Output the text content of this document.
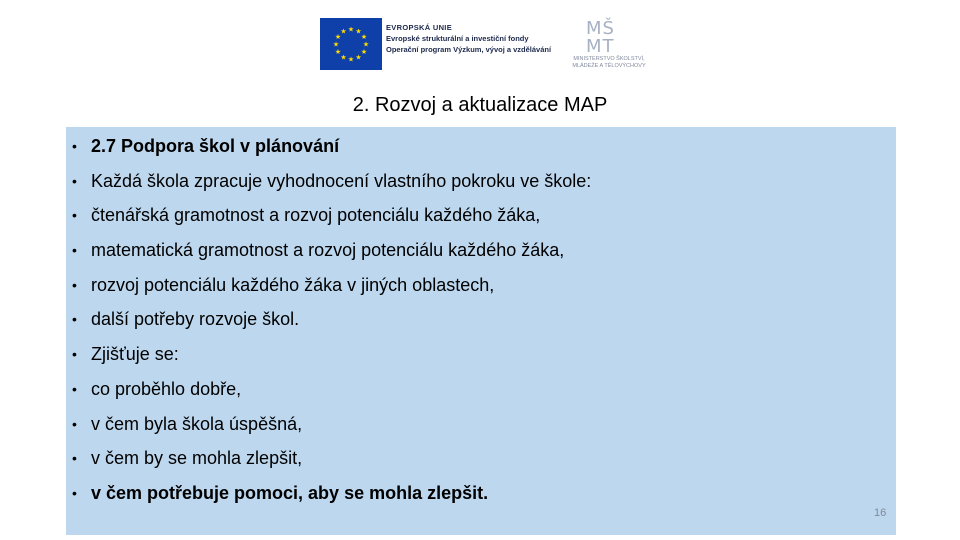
★ ★
★
★
★
★
★
★
★
★
★
★
EVROPSKÁ UNIE
Evropské strukturální a investiční fondy
Operační program Výzkum, vývoj a vzdělávání
MŠ
MT
MINISTERSTVO ŠKOLSTVÍ,
MLÁDEŽE A TĚLOVÝCHOVY
2. Rozvoj a aktualizace MAP
• 2.7 Podpora škol v plánování
• Každá škola zpracuje vyhodnocení vlastního pokroku ve škole:
• čtenářská gramotnost a rozvoj potenciálu každého žáka,
• matematická gramotnost a rozvoj potenciálu každého žáka,
• rozvoj potenciálu každého žáka v jiných oblastech,
• další potřeby rozvoje škol.
• Zjišťuje se:
• co proběhlo dobře,
• v čem byla škola úspěšná,
• v čem by se mohla zlepšit,
• v čem potřebuje pomoci, aby se mohla zlepšit.
16
